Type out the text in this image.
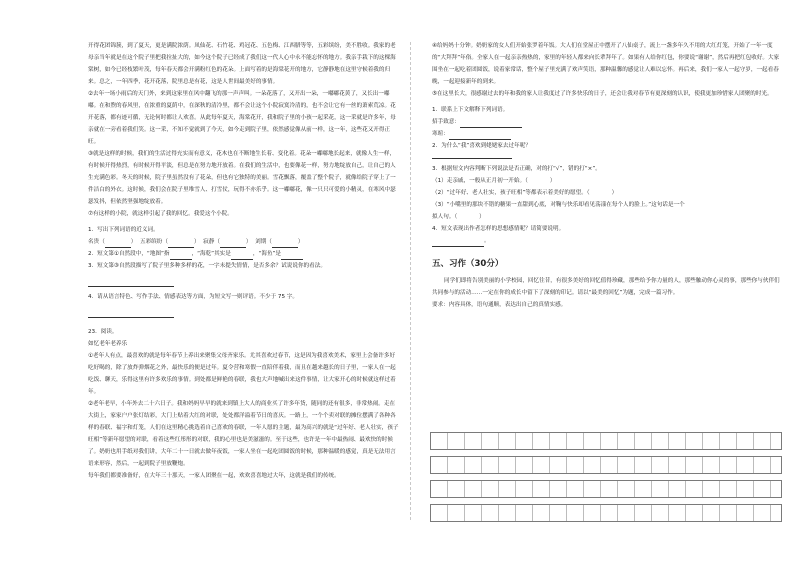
开得花团锦簇，到了夏天，更是满院浓荫。凤仙花、石竹花、鸡冠花、五色梅、江西腊等等，五彩缤纷，美不胜收。我家的老母亲当年就是在这个院子里把我拉扯大的，如今这个院子已经成了我们这一代人心中永不能忘怀的地方。我亲手栽下的这棵海棠树，如今已经枝繁叶茂，每年春天都会开满粉红色的花朵。上面写着的是海棠花开的地方，它静静地在这里守候着我的归来。总之，一年四季，花开花落，院里总是有花，这是人世间最美好的事情。

②去年一场小雨后的天门外，来到这家里在风中翻飞的那一声声叫。一朵花落了，又开出一朵，一嘟嘟花黄了，又长出一嘟嘟。在和煦的春风里，在浓重的夏荫中，在深秋的清冷里，都不会让这个小院寂寞冷清的，也不会让它有一丝的萧索荒凉。花开花落，都有迹可循，无论何时都让人欢喜。从此每年夏天，海棠花开，我和院子里的小孩一起采花，这一采就是许多年，母亲就在一旁看着我们笑。这一采，不知不觉就到了今天，如今走到院子里，依然感觉像从前一样，这一年，这些花又开得正旺。

③就是这样的时候，我们的生活过得充实而有意义，花木也在不断地生长着、变化着。花朵一嘟嘟地长起来，就像人生一样，有时候开得热烈，有时候开得平淡，但总是在努力地开放着。在我们的生活中，也要像花一样，努力地绽放自己，让自己的人生充满色彩。冬天的时候，院子里虽然没有了花朵，但也有它独特的美丽。雪花飘落，覆盖了整个院子，就像给院子穿上了一件洁白的外衣。这时候，我们会在院子里堆雪人、打雪仗，玩得不亦乐乎。这一嘟嘟花，像一只只可爱的小精灵，在寒风中瑟瑟发抖，但依然坚强地绽放着。

⑦有这样的小院，就这样引起了我的回忆。我爱这个小院。

1．写出下列词语的近义词。

名贵（	） 五彩缤纷（	） 寂静（	） 刘期（	）

2．短文第①自然段中，“地图”指	，“海乾”其实是	，“海鱼”是

3．短文第③自然段描写了院子里多种多样的花，一字未提失情情，是否多余？试说说你的看法。

4．请从语言特色、写作手法、情感表达等方面，为短文写一则评语。不少于 75 字。

23．阅读。

如忆老年老养乐

①老年人有点，最喜欢的就是每年春节上养出来聚集父母齐家乐。尤其喜欢过春节，这是因为我喜欢美术，家里上会备许多好吃好喝的，除了放炸弹烟花之外，最快乐的便是过年。夏令营和寒假一直陪伴着我，而且在越来越长的日子里，一家人在一起吃饭、聊天，乐得这里有许多欢乐的事情。到处都是鲜艳的春联，我也大声地喊出来这件事情，让大家开心的时候就这样过着年。

②老年老早，小年外去二十六日子。我和妈妈早早的就来到镇上大人的商业买了许多年货，随同的还有很多，非常热闹。走在大街上，家家户户张灯结彩，大门上贴着大红的对联，处处都洋溢着节日的喜庆。一路上，一个个卖对联的摊位摆满了各种各样的春联、福字和灯笼，人们在这里精心挑选着自己喜欢的春联，一年人愿的主题，最为高兴的就是“过年好、老人壮实，孩子旺相”等新年愿望的对联，看着这些红彤彤的对联，我的心里也是美滋滋的。至于这些，也许是一年中最热闹、最欢快的时候了。奶奶也用手纸对我们讲，大年二十一日就去做年夜饭，一家人坐在一起吃团圆饭的时候，那种温暖的感觉，真是无法用言语来形容，然后，一起到院子里放鞭炮。

每年我们都要准备好，在大年三十那天，一家人团聚在一起，欢欢喜喜地过大年，这就是我们的传统。

④给妈妈十分钟。奶奶家的女人们开始张罗着年饭。大人们在堂屋正中摆开了八仙桌子，流上一盏多年久不用的大红灯笼，开始了一年一度的“大拜拜”年俗。全家人在一起亲亲热热的，家里的年轻人都来向长辈拜年了。如果有人给你红包，你要说“谢谢”，然后再把红包收好。大家围坐在一起吃着团圆饭，说着家常话，整个屋子里充满了欢声笑语，那种温馨的感觉让人难以忘怀。再后来，我们一家人一起守岁，一起看春晚，一起迎接新年的到来。

⑤在这里长大，很感谢过去的年和我的家人让我度过了许多快乐的日子，还会让我对春节有更深刻的认识，使我更加珍惜家人团聚的时光。

1．联系上下文解释下列词语。

招手致意：

寒暄：

2．为什么“我”喜欢到姥姥家去过年呢？

3．根据短文内容判断下列说法是否正确，对的打“√”，错的打“×”。

（1）走亲戚，一般从正月初一开始。（	）

（2）“过年好、老人壮实，孩子旺相”等都表示着美好的愿望。（	）

（3）“小嘴里的那块不错的糖果一直甜到心底，对鞠与快乐却看见荡漾在每个人的脸上。”这句话是一个

拟人句。（	）

4．短文表现出作者怎样的思想感情呢？请简要说明。

。

五、习作（30分）

同学们即将告别美丽的小学校园，回忆往昔，有很多美好的回忆值得珍藏，那些给予你力量的人，那些触动你心灵的事，那些你与伙伴们共同参与的活动……一定在你的成长中留下了深刻的印记。请以“最美的回忆”为题，完成一篇习作。

要求：内容具体，语句通顺，表达出自己的真情实感。
